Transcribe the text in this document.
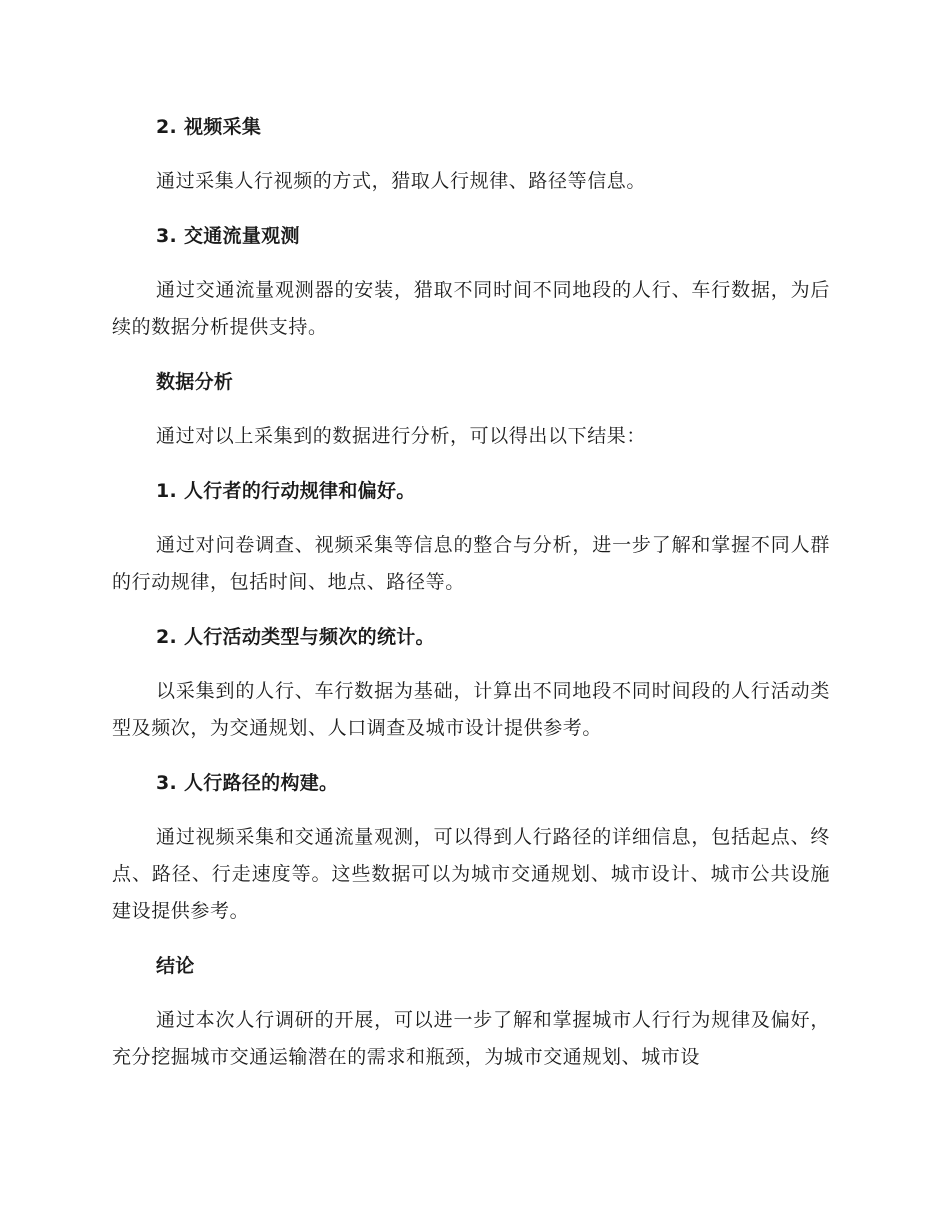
2. 视频采集

通过采集人行视频的方式，猎取人行规律、路径等信息。

3. 交通流量观测

通过交通流量观测器的安装，猎取不同时间不同地段的人行、车行数据，为后续的数据分析提供支持。

数据分析

通过对以上采集到的数据进行分析，可以得出以下结果：

1. 人行者的行动规律和偏好。

通过对问卷调查、视频采集等信息的整合与分析，进一步了解和掌握不同人群的行动规律，包括时间、地点、路径等。

2. 人行活动类型与频次的统计。

以采集到的人行、车行数据为基础，计算出不同地段不同时间段的人行活动类型及频次，为交通规划、人口调查及城市设计提供参考。

3. 人行路径的构建。

通过视频采集和交通流量观测，可以得到人行路径的详细信息，包括起点、终点、路径、行走速度等。这些数据可以为城市交通规划、城市设计、城市公共设施建设提供参考。

结论

通过本次人行调研的开展，可以进一步了解和掌握城市人行行为规律及偏好，充分挖掘城市交通运输潜在的需求和瓶颈，为城市交通规划、城市设
